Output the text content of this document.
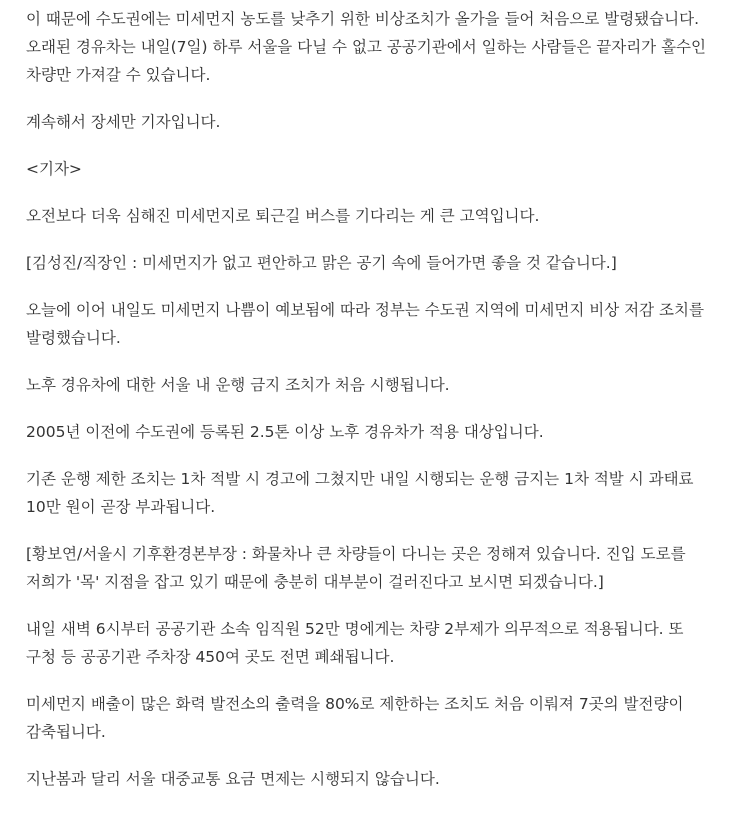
이 때문에 수도권에는 미세먼지 농도를 낮추기 위한 비상조치가 올가을 들어 처음으로 발령됐습니다. 오래된 경유차는 내일(7일) 하루 서울을 다닐 수 없고 공공기관에서 일하는 사람들은 끝자리가 홀수인 차량만 가져갈 수 있습니다.

계속해서 장세만 기자입니다.

<기자>

오전보다 더욱 심해진 미세먼지로 퇴근길 버스를 기다리는 게 큰 고역입니다.

[김성진/직장인 : 미세먼지가 없고 편안하고 맑은 공기 속에 들어가면 좋을 것 같습니다.]

오늘에 이어 내일도 미세먼지 나쁨이 예보됨에 따라 정부는 수도권 지역에 미세먼지 비상 저감 조치를 발령했습니다.

노후 경유차에 대한 서울 내 운행 금지 조치가 처음 시행됩니다.

2005년 이전에 수도권에 등록된 2.5톤 이상 노후 경유차가 적용 대상입니다.

기존 운행 제한 조치는 1차 적발 시 경고에 그쳤지만 내일 시행되는 운행 금지는 1차 적발 시 과태료 10만 원이 곧장 부과됩니다.

[황보연/서울시 기후환경본부장 : 화물차나 큰 차량들이 다니는 곳은 정해져 있습니다. 진입 도로를 저희가 '목' 지점을 잡고 있기 때문에 충분히 대부분이 걸러진다고 보시면 되겠습니다.]

내일 새벽 6시부터 공공기관 소속 임직원 52만 명에게는 차량 2부제가 의무적으로 적용됩니다. 또 구청 등 공공기관 주차장 450여 곳도 전면 폐쇄됩니다.

미세먼지 배출이 많은 화력 발전소의 출력을 80%로 제한하는 조치도 처음 이뤄져 7곳의 발전량이 감축됩니다.

지난봄과 달리 서울 대중교통 요금 면제는 시행되지 않습니다.
